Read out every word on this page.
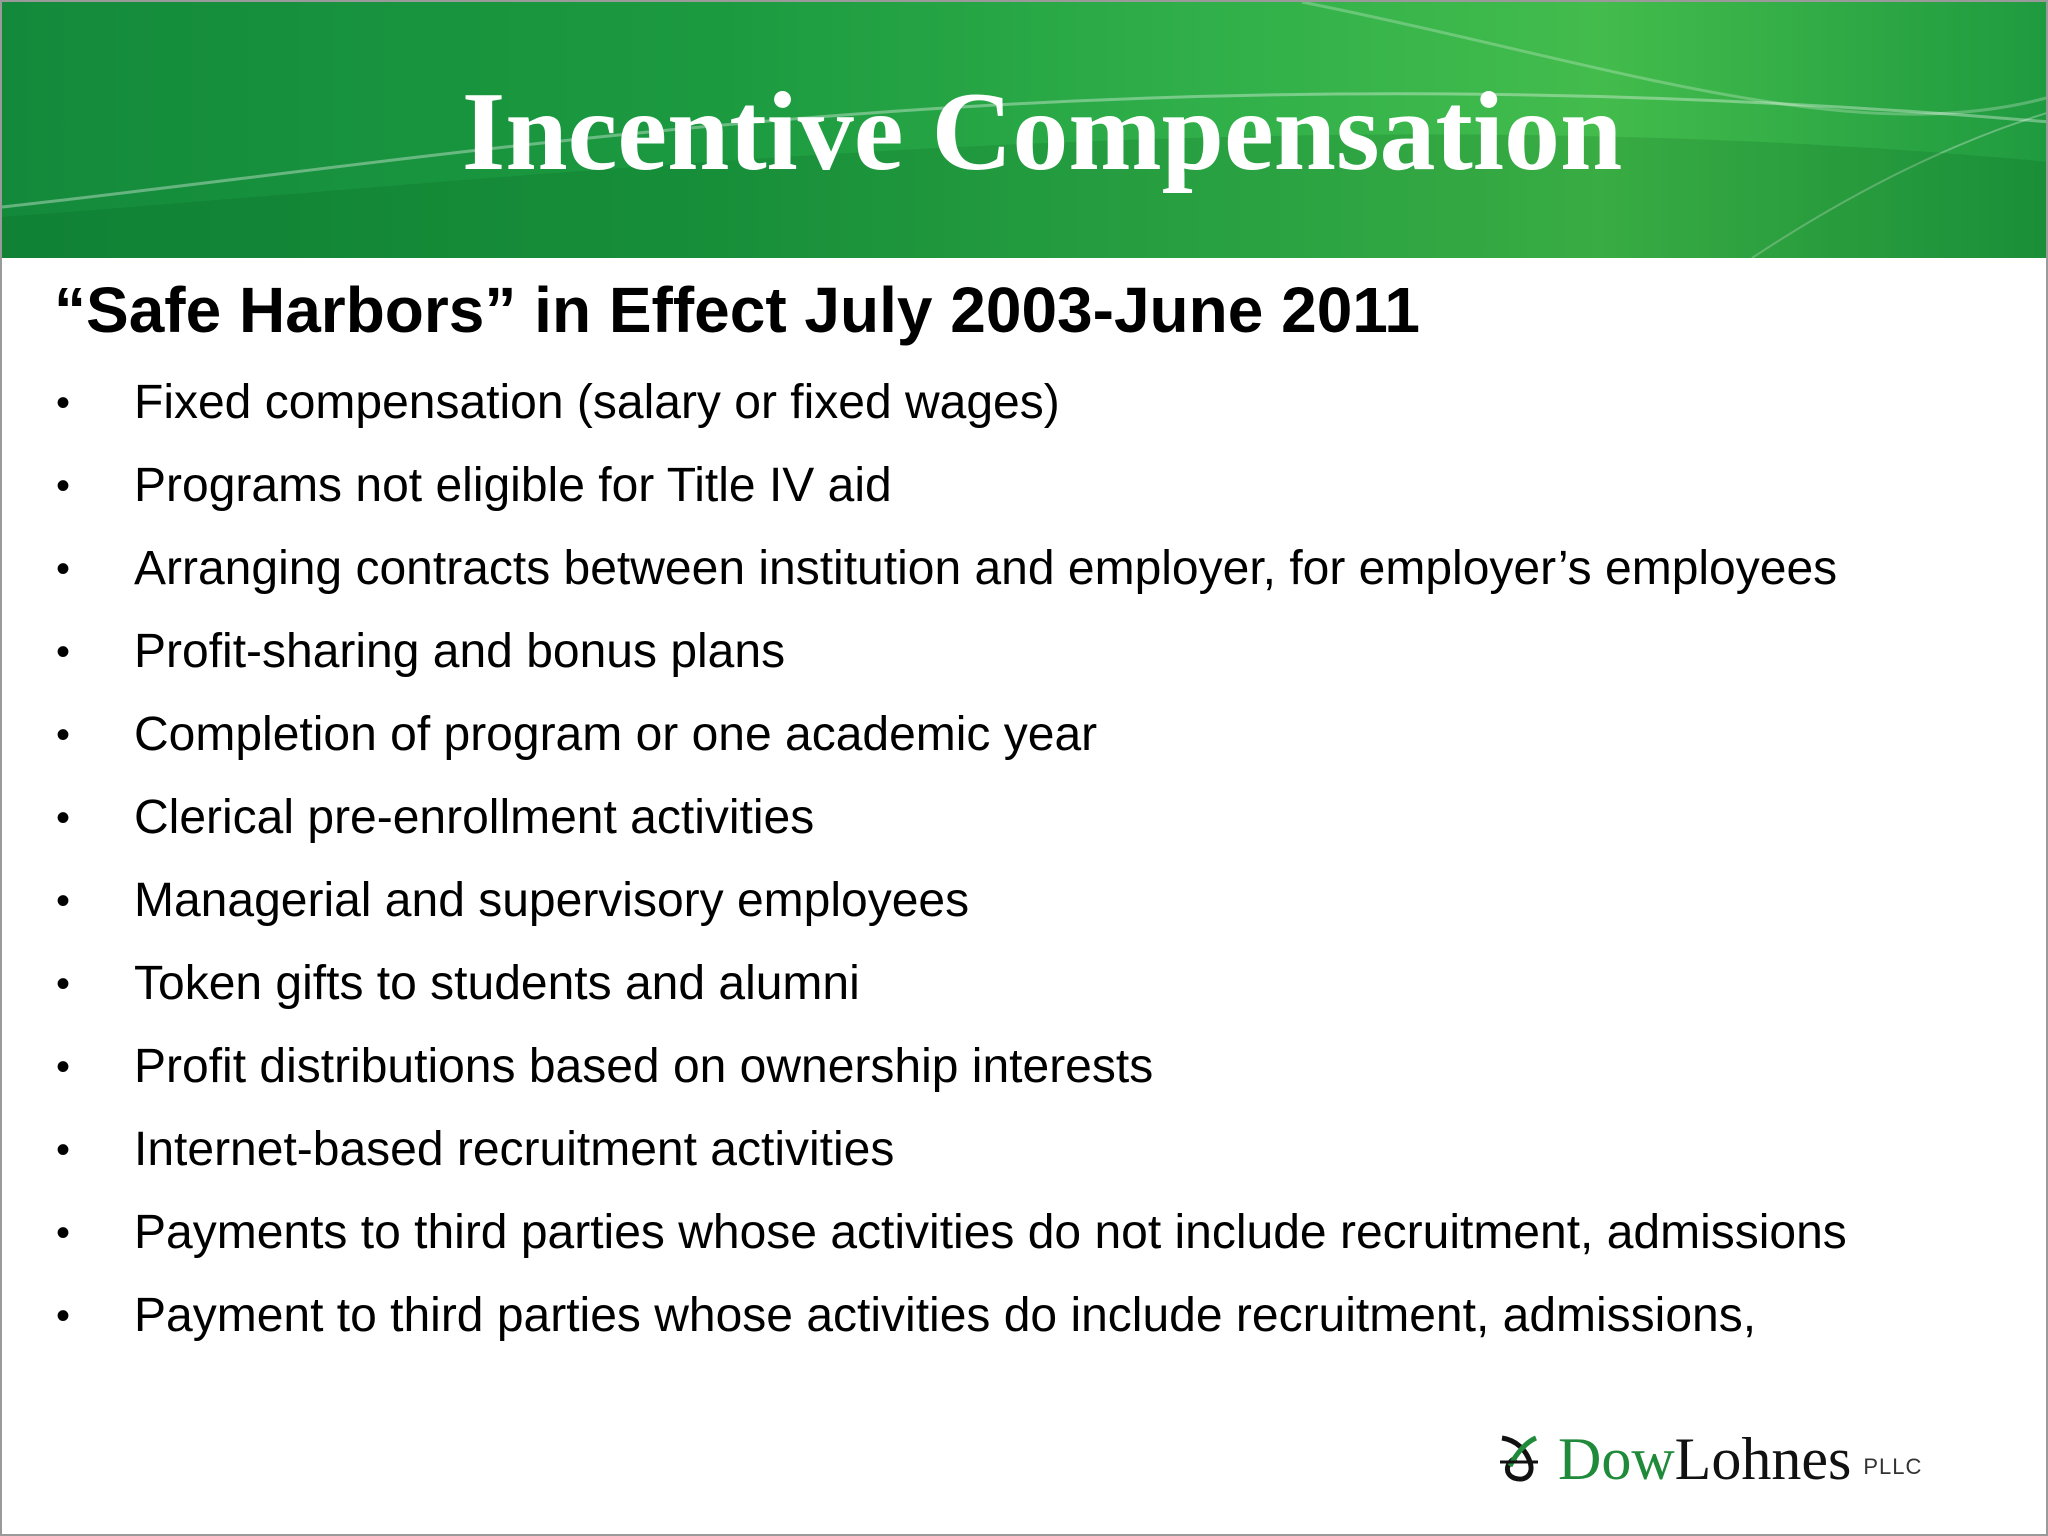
Incentive Compensation
“Safe Harbors” in Effect July 2003-June 2011
• Fixed compensation (salary or fixed wages)
• Programs not eligible for Title IV aid
• Arranging contracts between institution and employer, for employer’s employees
• Profit-sharing and bonus plans
• Completion of program or one academic year
• Clerical pre-enrollment activities
• Managerial and supervisory employees
• Token gifts to students and alumni
• Profit distributions based on ownership interests
• Internet-based recruitment activities
• Payments to third parties whose activities do not include recruitment, admissions
• Payment to third parties whose activities do include recruitment, admissions,
DowLohnes PLLC
